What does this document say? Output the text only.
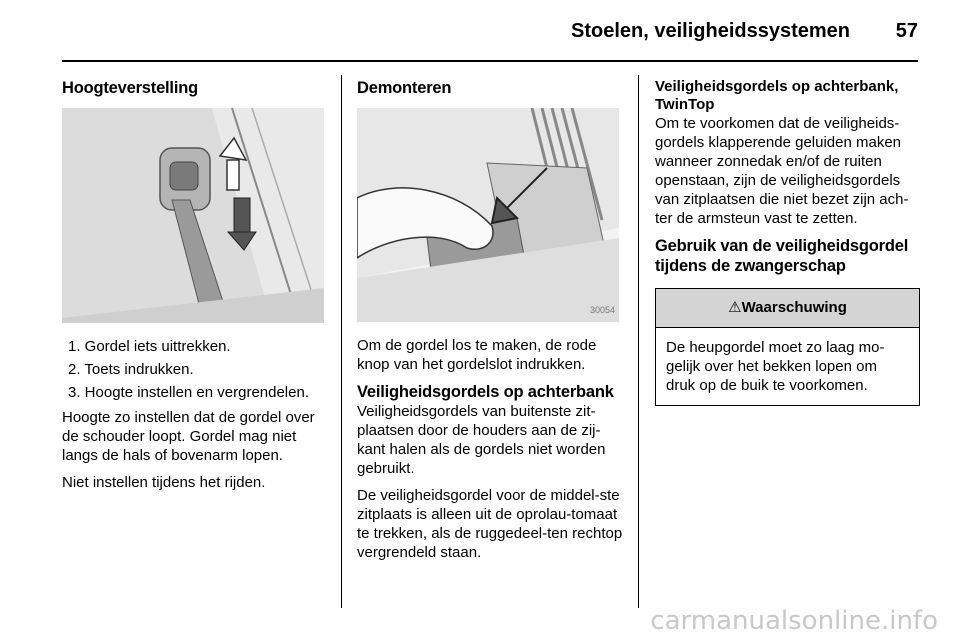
Stoelen, veiligheidssystemen 57
Hoogteverstelling
1. Gordel iets uittrekken.
2. Toets indrukken.
3. Hoogte instellen en vergrendelen.

Hoogte zo instellen dat de gordel over de schouder loopt. Gordel mag niet langs de hals of bovenarm lopen.

Niet instellen tijdens het rijden.

Demonteren
30054

Om de gordel los te maken, de rode knop van het gordelslot indrukken.

Veiligheidsgordels op achterbank

Veiligheidsgordels van buitenste zit-plaatsen door de houders aan de zij-kant halen als de gordels niet worden gebruikt.

De veiligheidsgordel voor de middel-ste zitplaats is alleen uit de oprolau-tomaat te trekken, als de ruggedeel-ten rechtop vergrendeld staan.

Veiligheidsgordels op achterbank, TwinTop

Om te voorkomen dat de veiligheids-gordels klapperende geluiden maken wanneer zonnedak en/of de ruiten openstaan, zijn de veiligheidsgordels van zitplaatsen die niet bezet zijn ach-ter de armsteun vast te zetten.

Gebruik van de veiligheidsgordel tijdens de zwangerschap
⚠Waarschuwing
De heupgordel moet zo laag mo-gelijk over het bekken lopen om druk op de buik te voorkomen.
carmanualsonline.info
